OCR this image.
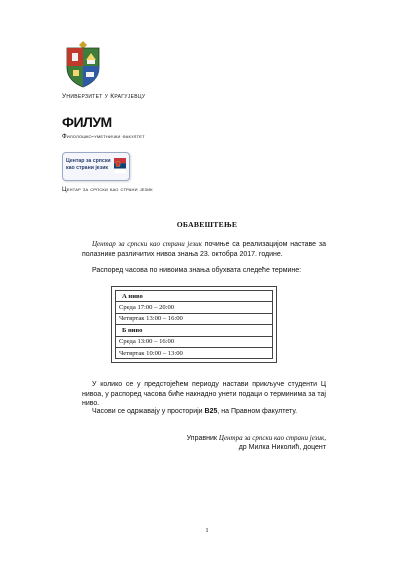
Универзитет у Крагујевцу
ФИЛУМ
Филолошко-уметнички факултет
Центар за српски
као страни језик
Центар за српски као страни језик
ОБАВЕШТЕЊЕ
Центар за српски као страни језик почиње са реализацијом наставе за полазнике различитих нивоа знања 23. октобра 2017. године.
Распоред часова по нивоима знања обухвата следеће термине:
А ниво
Среда 17:00 – 20:00
Четвртак 13:00 – 16:00
Б ниво
Среда 13:00 – 16:00
Четвртак 10:00 – 13:00
У колико се у предстојећем периоду настави прикључе студенти Ц нивоа, у распоред часова биће накнадно унети подаци о терминима за тај ниво.
Часови се одржавају у просторији B25, на Правном факултету.
Управник Центра за српски као страни језик,
др Милка Николић, доцент
1
